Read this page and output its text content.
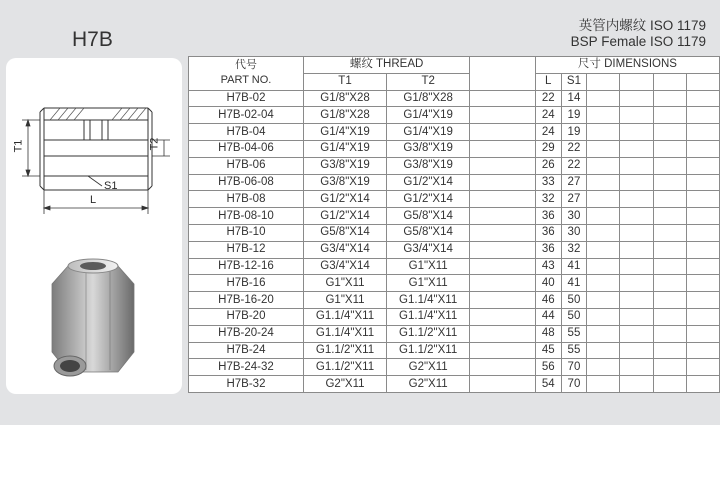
H7B
英管内螺纹 ISO 1179
BSP Female ISO 1179
T1	T2
S1
L
代号
PART NO.	螺纹 THREAD			尺寸 DIMENSIONS					
	T1	T2		L	S1				
H7B-02	G1/8"X28	G1/8"X28		22	14				
H7B-02-04	G1/8"X28	G1/4"X19		24	19				
H7B-04	G1/4"X19	G1/4"X19		24	19				
H7B-04-06	G1/4"X19	G3/8"X19		29	22				
H7B-06	G3/8"X19	G3/8"X19		26	22				
H7B-06-08	G3/8"X19	G1/2"X14		33	27				
H7B-08	G1/2"X14	G1/2"X14		32	27				
H7B-08-10	G1/2"X14	G5/8"X14		36	30				
H7B-10	G5/8"X14	G5/8"X14		36	30				
H7B-12	G3/4"X14	G3/4"X14		36	32				
H7B-12-16	G3/4"X14	G1"X11		43	41				
H7B-16	G1"X11	G1"X11		40	41				
H7B-16-20	G1"X11	G1.1/4"X11		46	50				
H7B-20	G1.1/4"X11	G1.1/4"X11		44	50				
H7B-20-24	G1.1/4"X11	G1.1/2"X11		48	55				
H7B-24	G1.1/2"X11	G1.1/2"X11		45	55				
H7B-24-32	G1.1/2"X11	G2"X11		56	70				
H7B-32	G2"X11	G2"X11		54	70				
